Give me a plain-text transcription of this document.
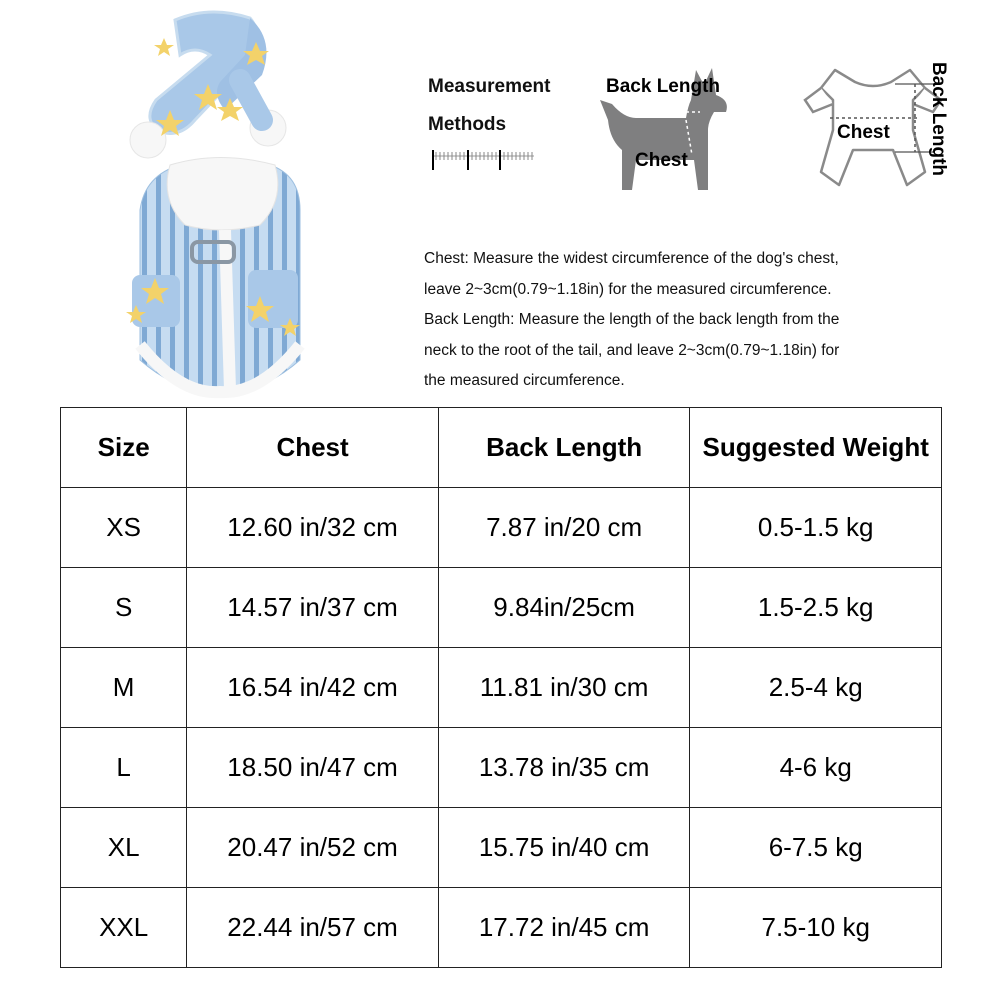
Measurement
Methods
Back Length
Chest
Chest Back Length
Chest: Measure the widest circumference of the dog's chest,
leave 2~3cm(0.79~1.18in) for the measured circumference.
Back Length: Measure the length of the back length from the
neck to the root of the tail, and leave 2~3cm(0.79~1.18in) for
the measured circumference.
Size	Chest	Back Length	Suggested Weight
XS	12.60 in/32 cm	7.87 in/20 cm	0.5-1.5 kg
S	14.57 in/37 cm	9.84in/25cm	1.5-2.5 kg
M	16.54 in/42 cm	11.81 in/30 cm	2.5-4 kg
L	18.50 in/47 cm	13.78 in/35 cm	4-6 kg
XL	20.47 in/52 cm	15.75 in/40 cm	6-7.5 kg
XXL	22.44 in/57 cm	17.72 in/45 cm	7.5-10 kg
